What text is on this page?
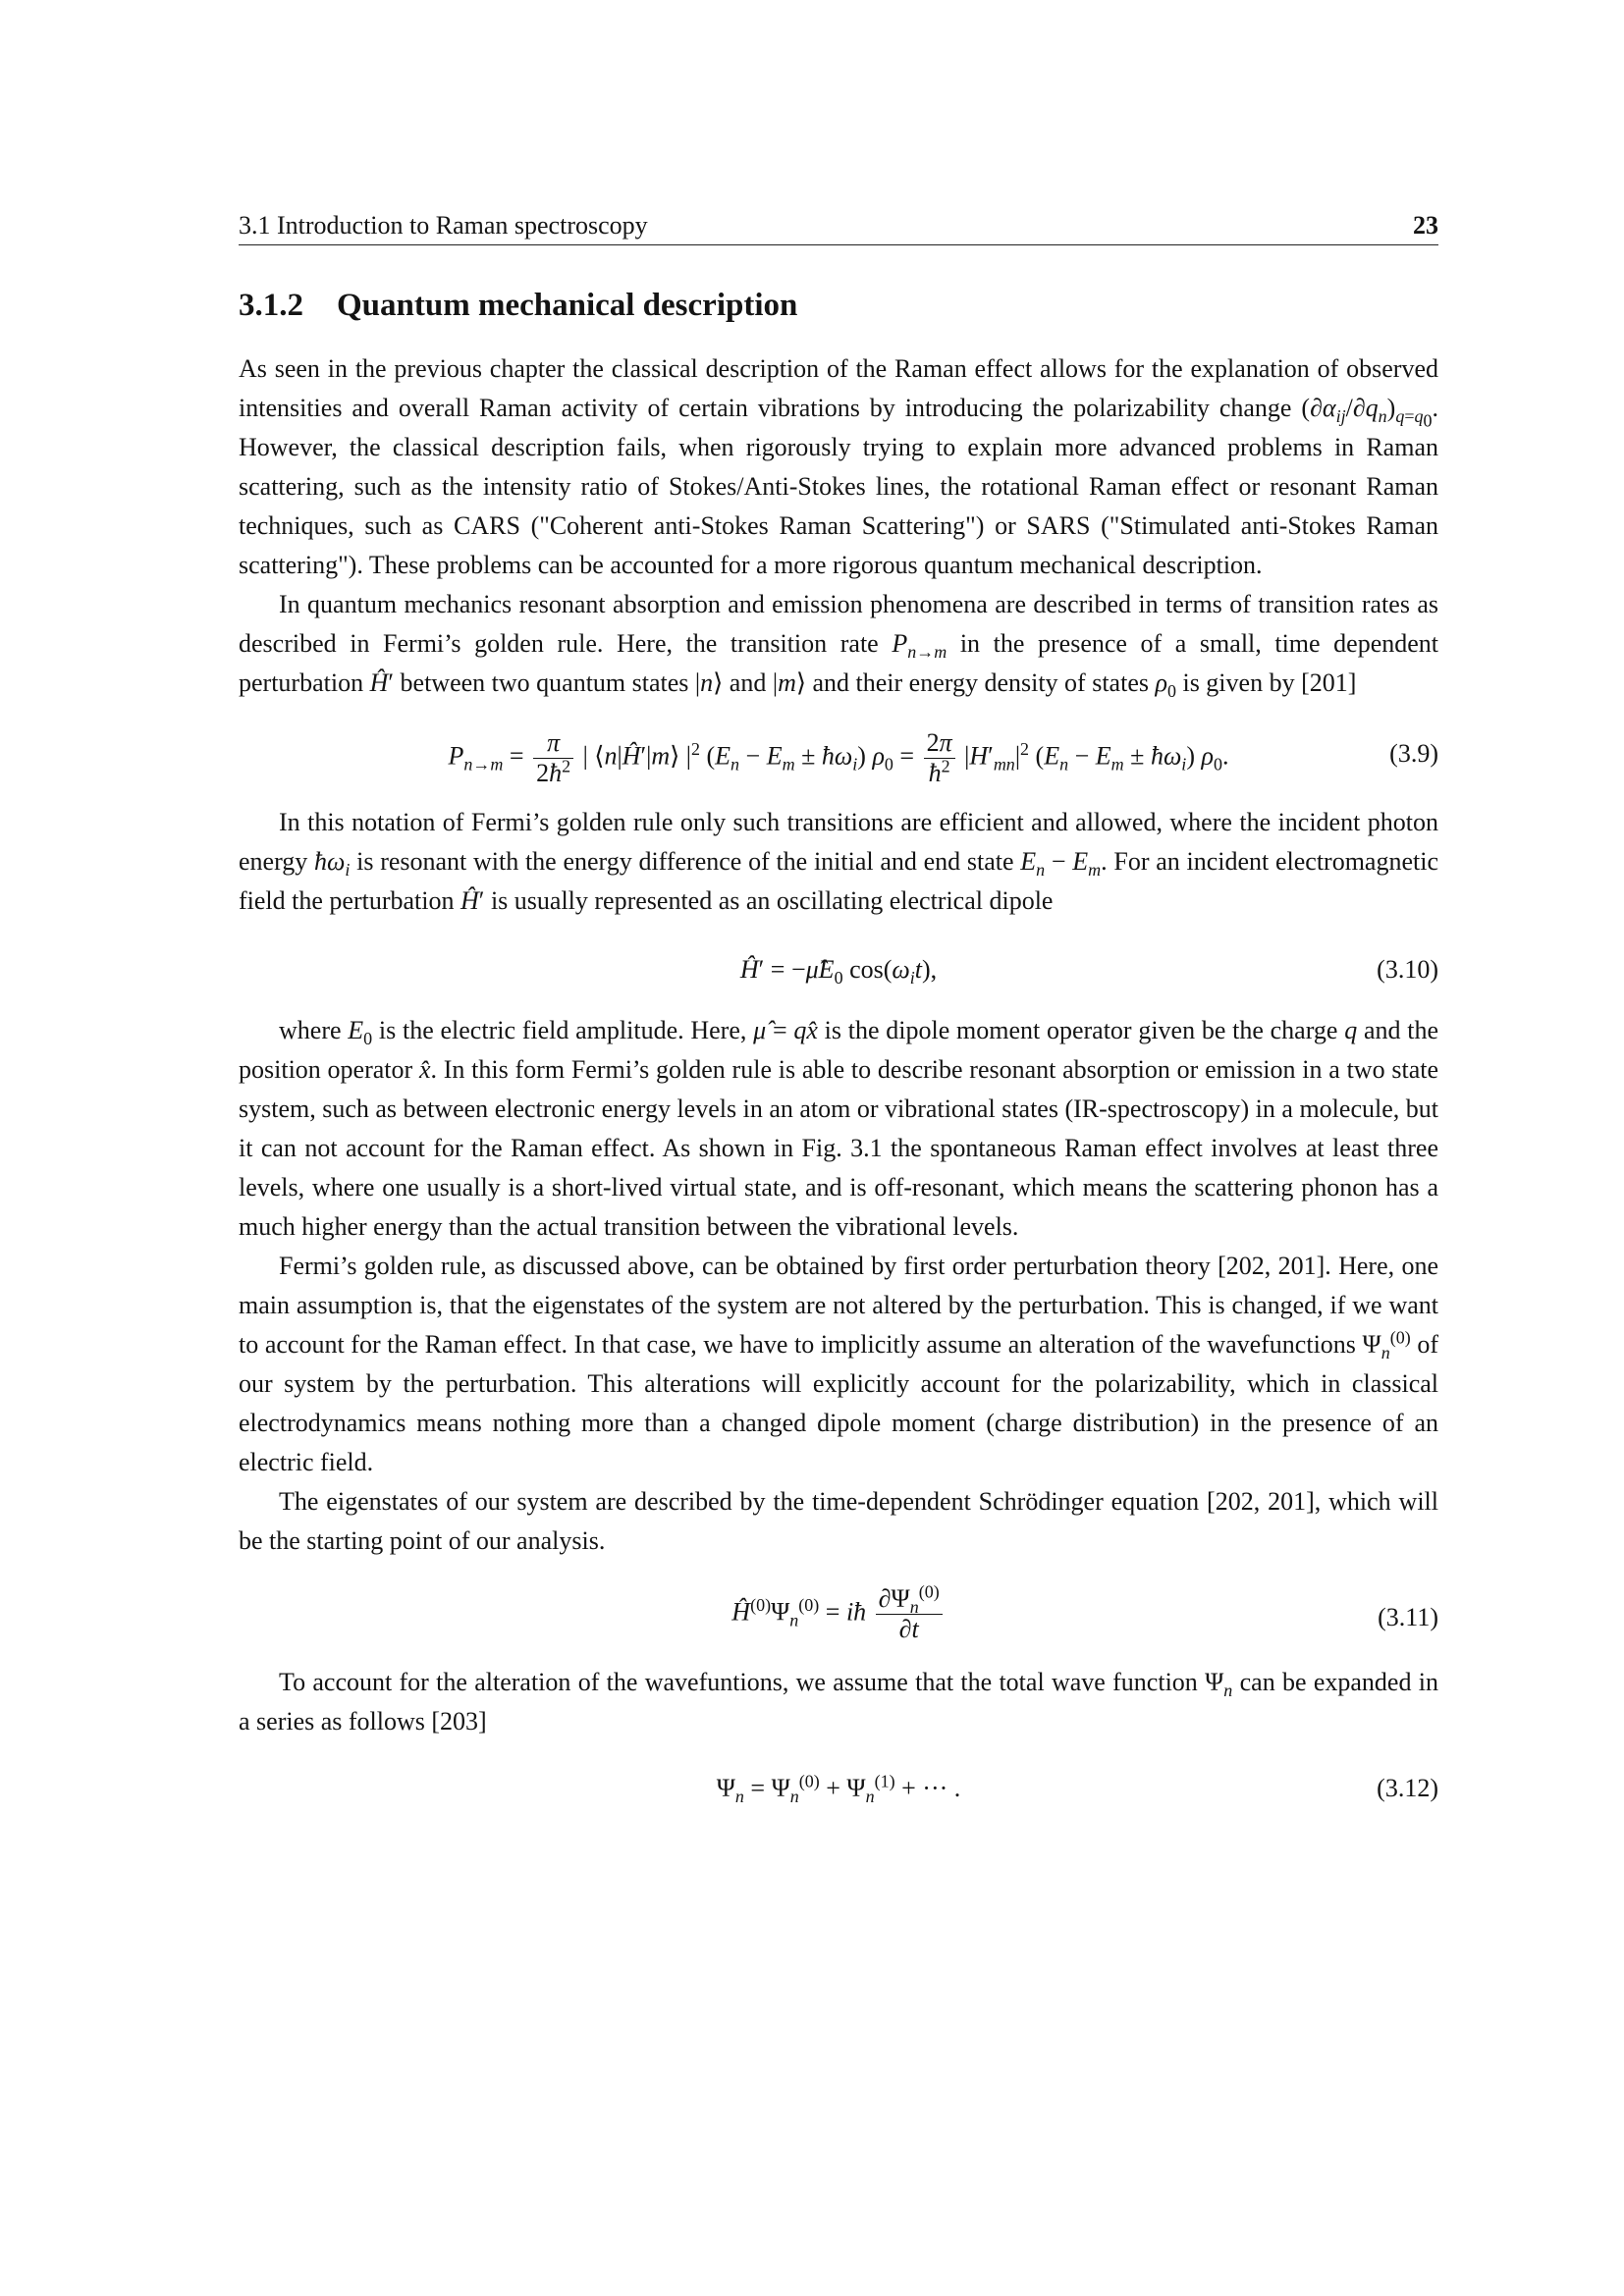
3.1 Introduction to Raman spectroscopy	23
3.1.2 Quantum mechanical description

As seen in the previous chapter the classical description of the Raman effect allows for the explanation of observed intensities and overall Raman activity of certain vibrations by introducing the polarizability change $(\partial\alpha_{ij}/\partial q_n)_{q=q_0}$. However, the classical description fails, when rigorously trying to explain more advanced problems in Raman scattering, such as the intensity ratio of Stokes/Anti-Stokes lines, the rotational Raman effect or resonant Raman techniques, such as CARS ("Coherent anti-Stokes Raman Scattering") or SARS ("Stimulated anti-Stokes Raman scattering"). These problems can be accounted for a more rigorous quantum mechanical description.

In quantum mechanics resonant absorption and emission phenomena are described in terms of transition rates as described in Fermi’s golden rule. Here, the transition rate $P_{n\to m}$ in the presence of a small, time dependent perturbation Ĥ′ between two quantum states |n⟩ and |m⟩ and their energy density of states $\rho_0$ is given by [201]

$P_{n\to m} = \frac{\pi}{2ħ^2}$ | ⟨n|Ĥ′|m⟩ $|^2$ ($E_n - E_m$ ± $ħ\omega_i$) $\rho_0 = \frac{2\pi}{ħ^2} |H'_{mn}|^2$ ($E_n - E_m$ ± $ħ\omega_i$) $\rho_0$.	(3.9)

In this notation of Fermi’s golden rule only such transitions are efficient and allowed, where the incident photon energy $ħ\omega_i$ is resonant with the energy difference of the initial and end state $E_n - E_m$. For an incident electromagnetic field the perturbation Ĥ′ is usually represented as an oscillating electrical dipole

Ĥ′ = $-\mûE_0$ $\cos(\omega_it)$,	(3.10)

where $E_0$ is the electric field amplitude. Here, μ̂ = qx̂ is the dipole moment operator given be the charge q and the position operator x̂. In this form Fermi’s golden rule is able to describe resonant absorption or emission in a two state system, such as between electronic energy levels in an atom or vibrational states (IR-spectroscopy) in a molecule, but it can not account for the Raman effect. As shown in Fig. 3.1 the spontaneous Raman effect involves at least three levels, where one usually is a short-lived virtual state, and is off-resonant, which means the scattering phonon has a much higher energy than the actual transition between the vibrational levels.

Fermi’s golden rule, as discussed above, can be obtained by first order perturbation theory [202, 201]. Here, one main assumption is, that the eigenstates of the system are not altered by the perturbation. This is changed, if we want to account for the Raman effect. In that case, we have to implicitly assume an alteration of the wavefunctions $\Psi_n^{(0)}$ of our system by the perturbation. This alterations will explicitly account for the polarizability, which in classical electrodynamics means nothing more than a changed dipole moment (charge distribution) in the presence of an electric field.

The eigenstates of our system are described by the time-dependent Schrödinger equation [202, 201], which will be the starting point of our analysis.

$Ĥ^{(0)}\Psi_n^{(0)}$ = iħ $\frac{\partial\Psi_n^{(0)}}{\partial t}$	(3.11)

To account for the alteration of the wavefuntions, we assume that the total wave function $\Psi_n$ can be expanded in a series as follows [203]

$\Psi_n = \Psi_n^{(0)} + \Psi_n^{(1)}$ + ··· .	(3.12)
